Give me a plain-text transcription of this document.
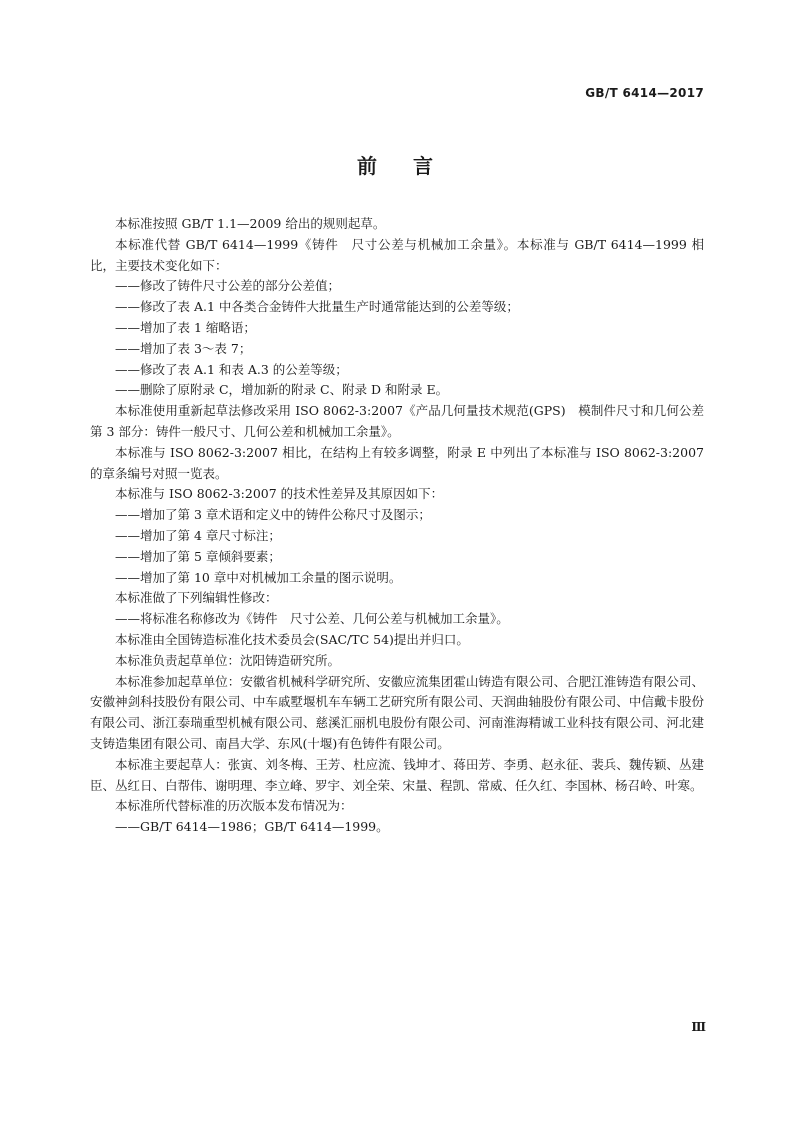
GB/T 6414—2017
前 言

本标准按照 GB/T 1.1—2009 给出的规则起草。

本标准代替 GB/T 6414—1999《铸件　尺寸公差与机械加工余量》。本标准与 GB/T 6414—1999 相比，主要技术变化如下：

——修改了铸件尺寸公差的部分公差值；

——修改了表 A.1 中各类合金铸件大批量生产时通常能达到的公差等级；

——增加了表 1 缩略语；

——增加了表 3～表 7；

——修改了表 A.1 和表 A.3 的公差等级；

——删除了原附录 C，增加新的附录 C、附录 D 和附录 E。

本标准使用重新起草法修改采用 ISO 8062-3:2007《产品几何量技术规范(GPS)　模制件尺寸和几何公差　第 3 部分：铸件一般尺寸、几何公差和机械加工余量》。

本标准与 ISO 8062-3:2007 相比，在结构上有较多调整，附录 E 中列出了本标准与 ISO 8062-3:2007 的章条编号对照一览表。

本标准与 ISO 8062-3:2007 的技术性差异及其原因如下：

——增加了第 3 章术语和定义中的铸件公称尺寸及图示；

——增加了第 4 章尺寸标注；

——增加了第 5 章倾斜要素；

——增加了第 10 章中对机械加工余量的图示说明。

本标准做了下列编辑性修改：

——将标准名称修改为《铸件　尺寸公差、几何公差与机械加工余量》。

本标准由全国铸造标准化技术委员会(SAC/TC 54)提出并归口。

本标准负责起草单位：沈阳铸造研究所。

本标准参加起草单位：安徽省机械科学研究所、安徽应流集团霍山铸造有限公司、合肥江淮铸造有限公司、安徽神剑科技股份有限公司、中车戚墅堰机车车辆工艺研究所有限公司、天润曲轴股份有限公司、中信戴卡股份有限公司、浙江泰瑞重型机械有限公司、慈溪汇丽机电股份有限公司、河南淮海精诚工业科技有限公司、河北建支铸造集团有限公司、南昌大学、东风(十堰)有色铸件有限公司。

本标准主要起草人：张寅、刘冬梅、王芳、杜应流、钱坤才、蒋田芳、李勇、赵永征、裴兵、魏传颖、丛建臣、丛红日、白帮伟、谢明理、李立峰、罗宇、刘全荣、宋量、程凯、常威、任久红、李国林、杨召岭、叶寒。

本标准所代替标准的历次版本发布情况为：

——GB/T 6414—1986；GB/T 6414—1999。

Ⅲ
